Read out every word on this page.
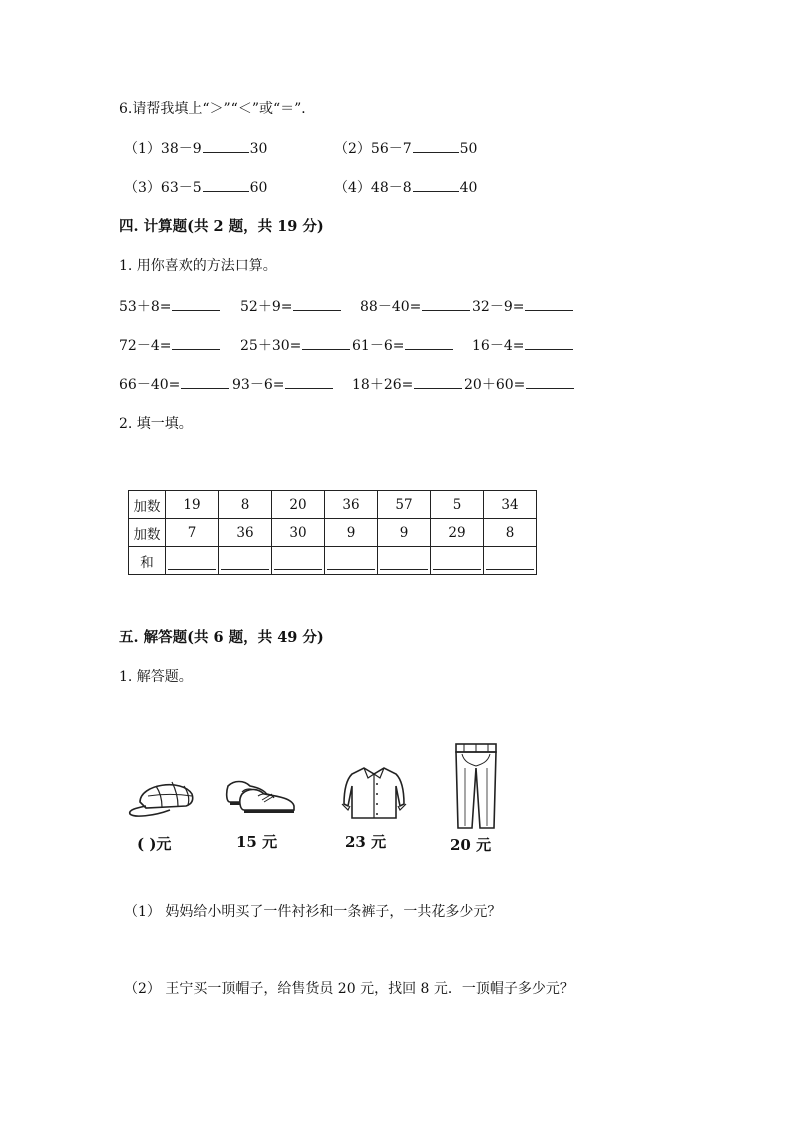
6.请帮我填上“＞”“＜”或“＝”．
（1）38－9	30	（2）56－7	50
（3）63－5	60	（4）48－8	40
四. 计算题(共 2 题，共 19 分)
1. 用你喜欢的方法口算。
53＋8=	52＋9=	88－40=	32－9=
72－4=	25＋30=	61－6=	16－4=
66－40=	93－6=	18＋26=	20＋60=
2. 填一填。
加数	19	8	20	36	57	5	34
加数	7	36	30	9	9	29	8
和	

五. 解答题(共 6 题，共 49 分)
1. 解答题。
( )元	15 元	23 元	20 元
（1） 妈妈给小明买了一件衬衫和一条裤子，一共花多少元？
（2） 王宁买一顶帽子，给售货员 20 元，找回 8 元．一顶帽子多少元？
